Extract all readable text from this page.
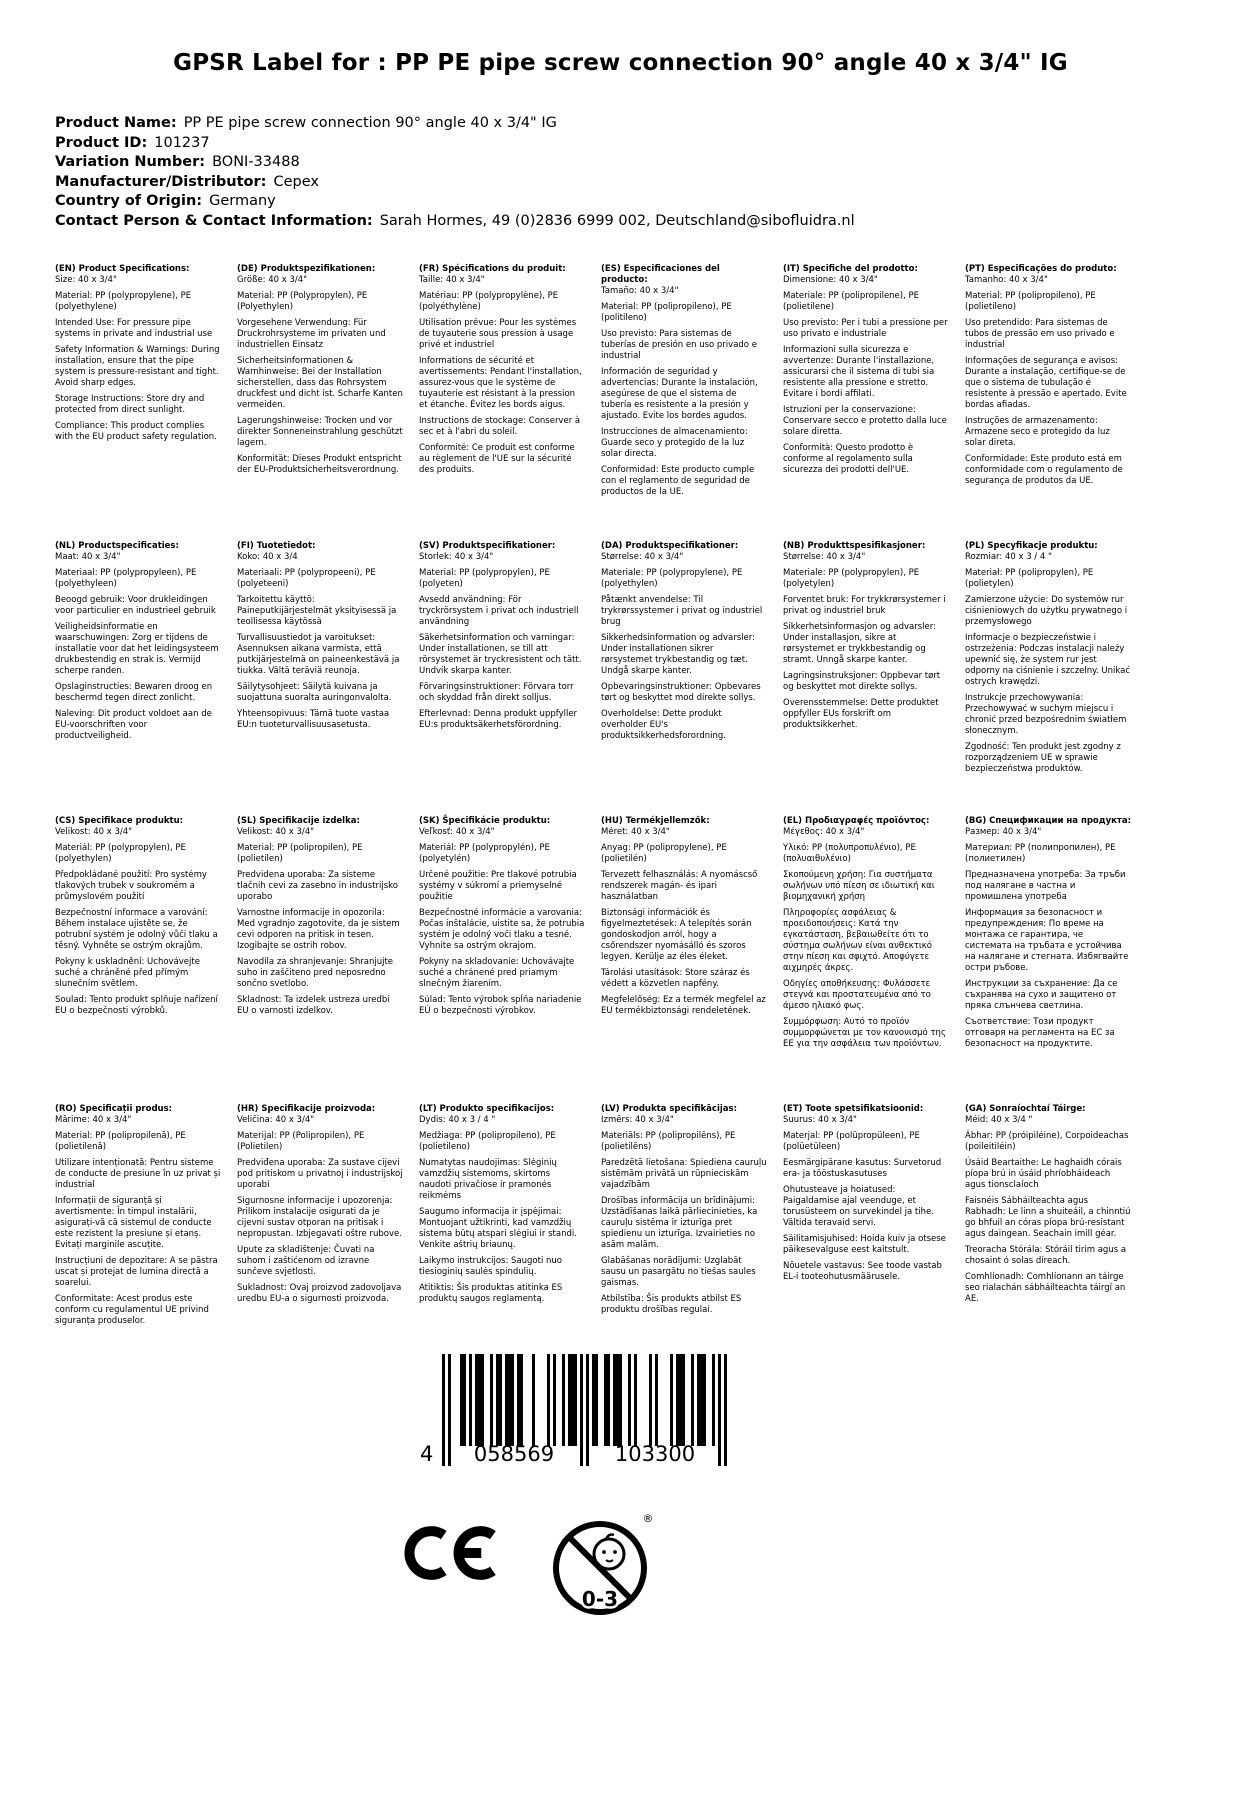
GPSR Label for : PP PE pipe screw connection 90° angle 40 x 3/4" IG
Product Name: PP PE pipe screw connection 90° angle 40 x 3/4" IG
Product ID: 101237
Variation Number: BONI-33488
Manufacturer/Distributor: Cepex
Country of Origin: Germany
Contact Person & Contact Information: Sarah Hormes, 49 (0)2836 6999 002, Deutschland@sibofluidra.nl
(EN) Product Specifications:

Size: 40 x 3/4"

Material: PP (polypropylene), PE (polyethylene)

Intended Use: For pressure pipe systems in private and industrial use

Safety Information & Warnings: During installation, ensure that the pipe system is pressure-resistant and tight. Avoid sharp edges.

Storage Instructions: Store dry and protected from direct sunlight.

Compliance: This product complies with the EU product safety regulation.

(DE) Produktspezifikationen:

Größe: 40 x 3/4"

Material: PP (Polypropylen), PE (Polyethylen)

Vorgesehene Verwendung: Für Druckrohrsysteme im privaten und industriellen Einsatz

Sicherheitsinformationen & Warnhinweise: Bei der Installation sicherstellen, dass das Rohrsystem druckfest und dicht ist. Scharfe Kanten vermeiden.

Lagerungshinweise: Trocken und vor direkter Sonneneinstrahlung geschützt lagern.

Konformität: Dieses Produkt entspricht der EU-Produktsicherheitsverordnung.

(FR) Spécifications du produit:

Taille: 40 x 3/4"

Matériau: PP (polypropylène), PE (polyéthylène)

Utilisation prévue: Pour les systèmes de tuyauterie sous pression à usage privé et industriel

Informations de sécurité et avertissements: Pendant l'installation, assurez-vous que le système de tuyauterie est résistant à la pression et étanche. Évitez les bords aigus.

Instructions de stockage: Conserver à sec et à l'abri du soleil.

Conformité: Ce produit est conforme au règlement de l'UE sur la sécurité des produits.

(ES) Especificaciones del producto:

Tamaño: 40 x 3/4"

Material: PP (polipropileno), PE (politileno)

Uso previsto: Para sistemas de tuberías de presión en uso privado e industrial

Información de seguridad y advertencias: Durante la instalación, asegúrese de que el sistema de tubería es resistente a la presión y ajustado. Evite los bordes agudos.

Instrucciones de almacenamiento: Guarde seco y protegido de la luz solar directa.

Conformidad: Este producto cumple con el reglamento de seguridad de productos de la UE.

(IT) Specifiche del prodotto:

Dimensione: 40 x 3/4"

Materiale: PP (polipropilene), PE (polietilene)

Uso previsto: Per i tubi a pressione per uso privato e industriale

Informazioni sulla sicurezza e avvertenze: Durante l'installazione, assicurarsi che il sistema di tubi sia resistente alla pressione e stretto. Evitare i bordi affilati.

Istruzioni per la conservazione: Conservare secco e protetto dalla luce solare diretta.

Conformità: Questo prodotto è conforme al regolamento sulla sicurezza dei prodotti dell'UE.

(PT) Especificações do produto:

Tamanho: 40 x 3/4"

Material: PP (polipropileno), PE (polietileno)

Uso pretendido: Para sistemas de tubos de pressão em uso privado e industrial

Informações de segurança e avisos: Durante a instalação, certifique-se de que o sistema de tubulação é resistente à pressão e apertado. Evite bordas afiadas.

Instruções de armazenamento: Armazene seco e protegido da luz solar direta.

Conformidade: Este produto está em conformidade com o regulamento de segurança de produtos da UE.

(NL) Productspecificaties:

Maat: 40 x 3/4"

Materiaal: PP (polypropyleen), PE (polyethyleen)

Beoogd gebruik: Voor drukleidingen voor particulier en industrieel gebruik

Veiligheidsinformatie en waarschuwingen: Zorg er tijdens de installatie voor dat het leidingsysteem drukbestendig en strak is. Vermijd scherpe randen.

Opslaginstructies: Bewaren droog en beschermd tegen direct zonlicht.

Naleving: Dit product voldoet aan de EU-voorschriften voor productveiligheid.

(FI) Tuotetiedot:

Koko: 40 x 3/4

Materiaali: PP (polypropeeni), PE (polyeteeni)

Tarkoitettu käyttö: Paineputkijärjestelmät yksityisessä ja teollisessa käytössä

Turvallisuustiedot ja varoitukset: Asennuksen aikana varmista, että putkijärjestelmä on paineenkestävä ja tiukka. Vältä teräviä reunoja.

Säilytysohjeet: Säilytä kuivana ja suojattuna suoralta auringonvalolta.

Yhteensopivuus: Tämä tuote vastaa EU:n tuoteturvallisuusasetusta.

(SV) Produktspecifikationer:

Storlek: 40 x 3/4"

Material: PP (polypropylen), PE (polyeten)

Avsedd användning: För tryckrörsystem i privat och industriell användning

Säkerhetsinformation och varningar: Under installationen, se till att rörsystemet är tryckresistent och tätt. Undvik skarpa kanter.

Förvaringsinstruktioner: Förvara torr och skyddad från direkt solljus.

Efterlevnad: Denna produkt uppfyller EU:s produktsäkerhetsförordning.

(DA) Produktspecifikationer:

Størrelse: 40 x 3/4"

Materiale: PP (polypropylene), PE (polyethylen)

Påtænkt anvendelse: Til trykrørssystemer i privat og industriel brug

Sikkerhedsinformation og advarsler: Under installationen sikrer rørsystemet trykbestandig og tæt. Undgå skarpe kanter.

Opbevaringsinstruktioner: Opbevares tørt og beskyttet mod direkte sollys.

Overholdelse: Dette produkt overholder EU's produktsikkerhedsforordning.

(NB) Produkttspesifikasjoner:

Størrelse: 40 x 3/4"

Materiale: PP (polypropylen), PE (polyetylen)

Forventet bruk: For trykkrørsystemer i privat og industriel bruk

Sikkerhetsinformasjon og advarsler: Under installasjon, sikre at rørsystemet er trykkbestandig og stramt. Unngå skarpe kanter.

Lagringsinstruksjoner: Oppbevar tørt og beskyttet mot direkte sollys.

Overensstemmelse: Dette produktet oppfyller EUs forskrift om produktsikkerhet.

(PL) Specyfikacje produktu:

Rozmiar: 40 x 3 / 4 "

Materiał: PP (polipropylen), PE (polietylen)

Zamierzone użycie: Do systemów rur ciśnieniowych do użytku prywatnego i przemysłowego

Informacje o bezpieczeństwie i ostrzeżenia: Podczas instalacji należy upewnić się, że system rur jest odporny na ciśnienie i szczelny. Unikać ostrych krawędzi.

Instrukcje przechowywania: Przechowywać w suchym miejscu i chronić przed bezpośrednim światłem słonecznym.

Zgodność: Ten produkt jest zgodny z rozporządzeniem UE w sprawie bezpieczeństwa produktów.

(CS) Specifikace produktu:

Velikost: 40 x 3/4"

Materiál: PP (polypropylen), PE (polyethylen)

Předpokládané použití: Pro systémy tlakových trubek v soukromém a průmyslovém použití

Bezpečnostní informace a varování: Během instalace ujistěte se, že potrubní systém je odolný vůči tlaku a těsný. Vyhněte se ostrým okrajům.

Pokyny k uskladnění: Uchovávejte suché a chráněné před přímým slunečním světlem.

Soulad: Tento produkt splňuje nařízení EU o bezpečnosti výrobků.

(SL) Specifikacije izdelka:

Velikost: 40 x 3/4"

Material: PP (polipropilen), PE (polietilen)

Predvidena uporaba: Za sisteme tlačnih cevi za zasebno in industrijsko uporabo

Varnostne informacije in opozorila: Med vgradnjo zagotovite, da je sistem cevi odporen na pritisk in tesen. Izogibajte se ostrih robov.

Navodila za shranjevanje: Shranjujte suho in zaščiteno pred neposredno sončno svetlobo.

Skladnost: Ta izdelek ustreza uredbi EU o varnosti izdelkov.

(SK) Špecifikácie produktu:

Veľkosť: 40 x 3/4"

Materiál: PP (polypropylén), PE (polyetylén)

Určené použitie: Pre tlakové potrubia systémy v súkromí a priemyselné použitie

Bezpečnostné informácie a varovania: Počas inštalácie, uistite sa, že potrubia systém je odolný voči tlaku a tesné. Vyhnite sa ostrým okrajom.

Pokyny na skladovanie: Uchovávajte suché a chránené pred priamym slnečným žiarením.

Súlad: Tento výrobok spĺňa nariadenie EÚ o bezpečnosti výrobkov.

(HU) Termékjellemzők:

Méret: 40 x 3/4"

Anyag: PP (polipropylene), PE (polietilén)

Tervezett felhasználás: A nyomáscső rendszerek magán- és ipari használatban

Biztonsági információk és figyelmeztetések: A telepítés során gondoskodjon arról, hogy a csőrendszer nyomásálló és szoros legyen. Kerülje az éles éleket.

Tárolási utasítások: Store száraz és védett a közvetlen napfény.

Megfelelőség: Ez a termék megfelel az EU termékbiztonsági rendeletének.

(EL) Προδιαγραφές προϊόντος:

Μέγεθος: 40 x 3/4"

Υλικό: PP (πολυπροπυλένιο), PE (πολυαιθυλένιο)

Σκοπούμενη χρήση: Για συστήματα σωλήνων υπό πίεση σε ιδιωτική και βιομηχανική χρήση

Πληροφορίες ασφάλειας & προειδοποιήσεις: Κατά την εγκατάσταση, βεβαιωθείτε ότι το σύστημα σωλήνων είναι ανθεκτικό στην πίεση και σφιχτό. Αποφύγετε αιχμηρές άκρες.

Οδηγίες αποθήκευσης: Φυλάσσετε στεγνά και προστατευμένα από το άμεσο ηλιακό φως.

Συμμόρφωση: Αυτό το προϊόν συμμορφώνεται με τον κανονισμό της ΕΕ για την ασφάλεια των προϊόντων.

(BG) Спецификации на продукта:

Размер: 40 x 3/4"

Материал: PP (полипропилен), PE (полиетилен)

Предназначена употреба: За тръби под налягане в частна и промишлена употреба

Информация за безопасност и предупреждения: По време на монтажа се гарантира, че системата на тръбата е устойчива на налягане и стегната. Избягвайте остри ръбове.

Инструкции за съхранение: Да се съхранява на сухо и защитено от пряка слънчева светлина.

Съответствие: Този продукт отговаря на регламента на ЕС за безопасност на продуктите.

(RO) Specificații produs:

Mărime: 40 x 3/4"

Material: PP (polipropilenă), PE (polietilenă)

Utilizare intenționată: Pentru sisteme de conducte de presiune în uz privat și industrial

Informații de siguranță și avertismente: În timpul instalării, asigurați-vă că sistemul de conducte este rezistent la presiune și etanș. Evitați marginile ascuțite.

Instrucțiuni de depozitare: A se păstra uscat și protejat de lumina directă a soarelui.

Conformitate: Acest produs este conform cu regulamentul UE privind siguranța produselor.

(HR) Specifikacije proizvoda:

Veličina: 40 x 3/4"

Materijal: PP (Polipropilen), PE (Polietilen)

Predviđena uporaba: Za sustave cijevi pod pritiskom u privatnoj i industrijskoj uporabi

Sigurnosne informacije i upozorenja: Prilikom instalacije osigurati da je cijevni sustav otporan na pritisak i nepropustan. Izbjegavati oštre rubove.

Upute za skladištenje: Čuvati na suhom i zaštićenom od izravne sunčeve svjetlosti.

Sukladnost: Ovaj proizvod zadovoljava uredbu EU-a o sigurnosti proizvoda.

(LT) Produkto specifikacijos:

Dydis: 40 x 3 / 4 "

Medžiaga: PP (polipropileno), PE (polietileno)

Numatytas naudojimas: Slėginių vamzdžių sistemoms, skirtoms naudoti privačiose ir pramonės reikmėms

Saugumo informacija ir įspėjimai: Montuojant užtikrinti, kad vamzdžių sistema būtų atspari slėgiui ir standi. Venkite aštrių briaunų.

Laikymo instrukcijos: Saugoti nuo tiesioginių saulės spindulių.

Atitiktis: Šis produktas atitinka ES produktų saugos reglamentą.

(LV) Produkta specifikācijas:

Izmērs: 40 x 3/4"

Materiāls: PP (polipropilēns), PE (polietilēns)

Paredzētā lietošana: Spiediena cauruļu sistēmām privātā un rūpnieciskām vajadzībām

Drošības informācija un brīdinājumi: Uzstādīšanas laikā pārliecinieties, ka cauruļu sistēma ir izturīga pret spiedienu un izturīga. Izvairieties no asām malām.

Glabāšanas norādījumi: Uzglabāt sausu un pasargātu no tiešas saules gaismas.

Atbilstība: Šis produkts atbilst ES produktu drošības regulai.

(ET) Toote spetsifikatsioonid:

Suurus: 40 x 3/4"

Materjal: PP (polüpropüleen), PE (polüetüleen)

Eesmärgipärane kasutus: Survetorud era- ja tööstuskasutuses

Ohutusteave ja hoiatused: Paigaldamise ajal veenduge, et torusüsteem on survekindel ja tihe. Vältida teravaid servi.

Säilitamisjuhised: Hoida kuiv ja otsese päikesevalguse eest kaitstult.

Nõuetele vastavus: See toode vastab EL-i tooteohutusmäärusele.

(GA) Sonraíochtaí Táirge:

Méid: 40 x 3/4 "

Ábhar: PP (próipiléine), Corpoideachas (poileitiléin)

Úsáid Beartaithe: Le haghaidh córais píopa brú in úsáid phríobháideach agus tionsclaíoch

Faisnéis Sábháilteachta agus Rabhadh: Le linn a shuiteáil, a chinntiú go bhfuil an córas píopa brú-resistant agus daingean. Seachain imill géar.

Treoracha Stórála: Stóráil tirim agus a chosaint ó solas díreach.

Comhlíonadh: Comhlíonann an táirge seo rialachán sábháilteachta táirgí an AE.

4	058569	103300
®
0-3
